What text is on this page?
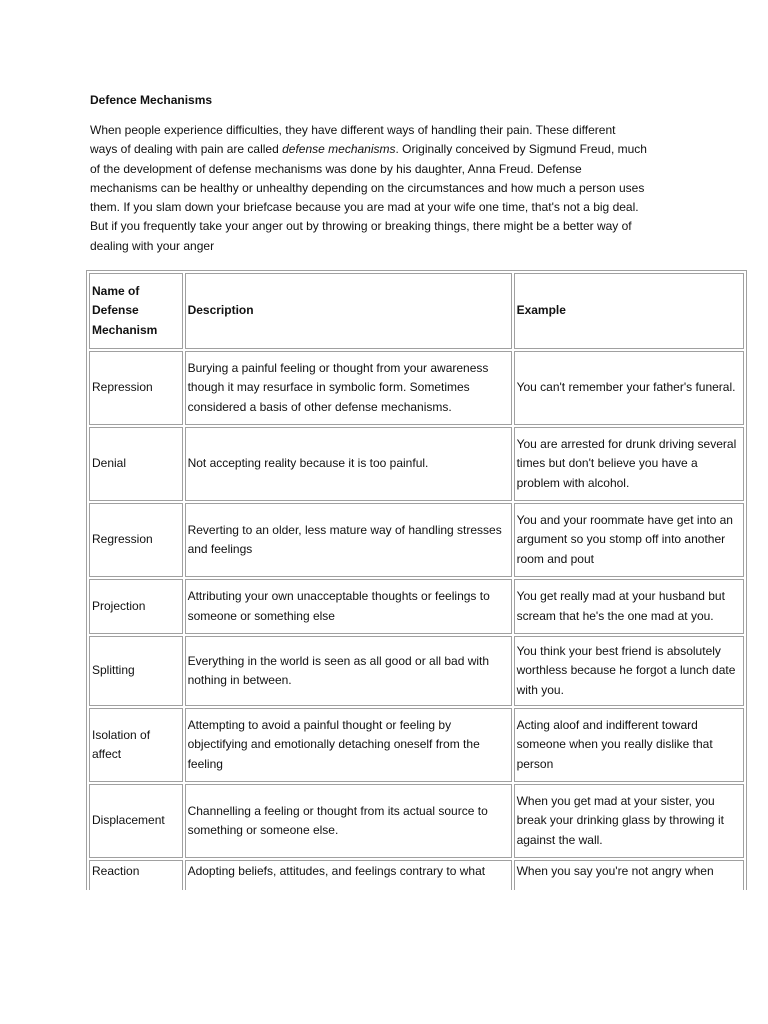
Defence Mechanisms

When people experience difficulties, they have different ways of handling their pain. These different

ways of dealing with pain are called defense mechanisms. Originally conceived by Sigmund Freud, much

of the development of defense mechanisms was done by his daughter, Anna Freud. Defense

mechanisms can be healthy or unhealthy depending on the circumstances and how much a person uses

them. If you slam down your briefcase because you are mad at your wife one time, that's not a big deal.

But if you frequently take your anger out by throwing or breaking things, there might be a better way of

dealing with your anger

Name of Defense Mechanism	Description	Example
Repression	Burying a painful feeling or thought from your awareness though it may resurface in symbolic form. Sometimes considered a basis of other defense mechanisms.	You can't remember your father's funeral.
Denial	Not accepting reality because it is too painful.	You are arrested for drunk driving several times but don't believe you have a problem with alcohol.
Regression	Reverting to an older, less mature way of handling stresses and feelings	You and your roommate have get into an argument so you stomp off into another room and pout
Projection	Attributing your own unacceptable thoughts or feelings to someone or something else	You get really mad at your husband but scream that he's the one mad at you.
Splitting	Everything in the world is seen as all good or all bad with nothing in between.	You think your best friend is absolutely worthless because he forgot a lunch date with you.
Isolation of affect	Attempting to avoid a painful thought or feeling by objectifying and emotionally detaching oneself from the feeling	Acting aloof and indifferent toward someone when you really dislike that person
Displacement	Channelling a feeling or thought from its actual source to something or someone else.	When you get mad at your sister, you break your drinking glass by throwing it against the wall.
Reaction	Adopting beliefs, attitudes, and feelings contrary to what	When you say you're not angry when
